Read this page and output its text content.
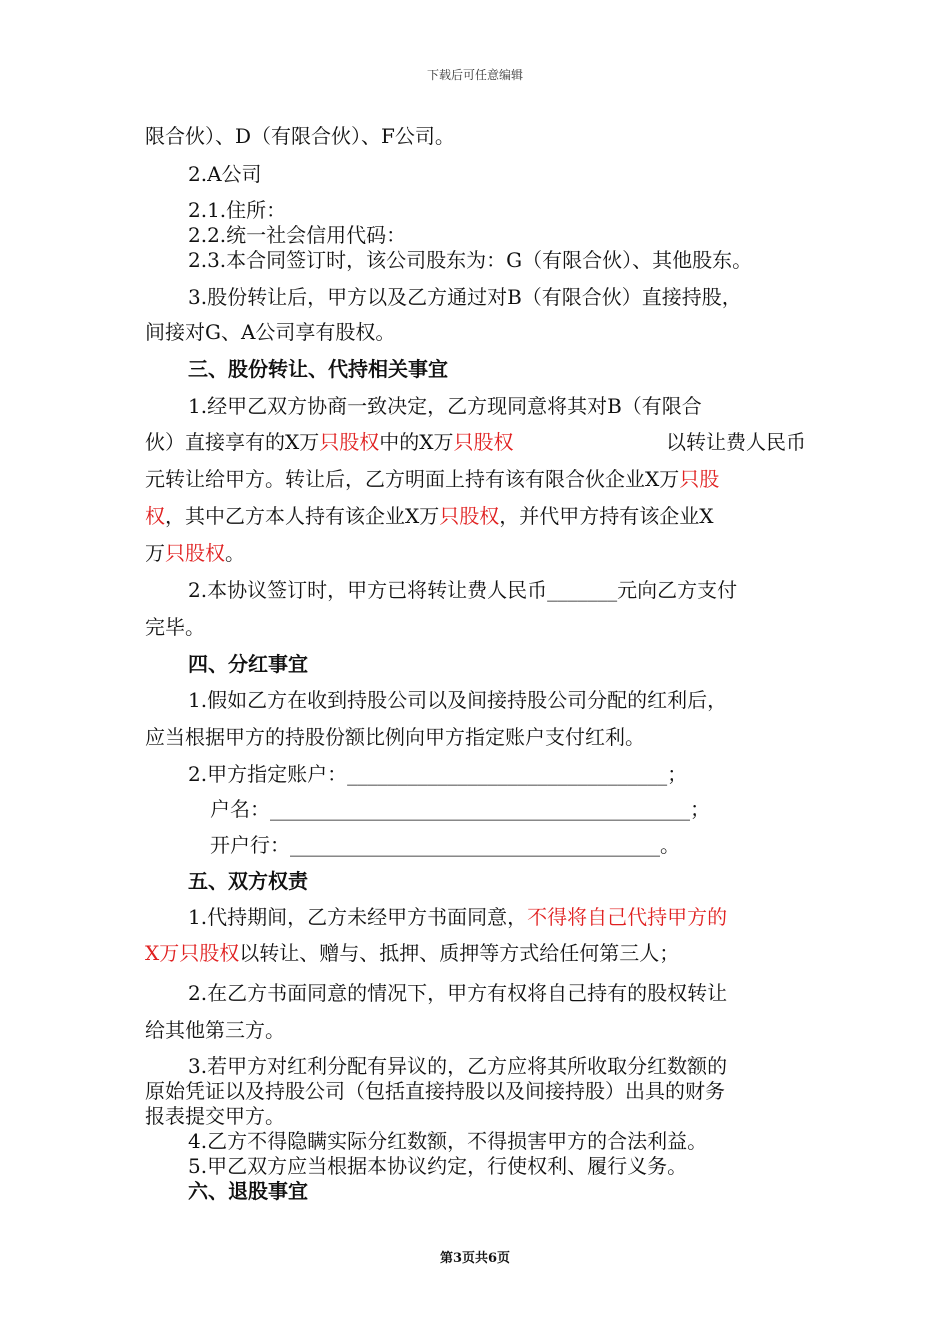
下载后可任意编辑
限合伙）、D（有限合伙）、F公司。
2.A公司
2.1.住所：
2.2.统一社会信用代码：
2.3.本合同签订时，该公司股东为：G（有限合伙）、其他股东。
3.股份转让后，甲方以及乙方通过对B（有限合伙）直接持股，
间接对G、A公司享有股权。
三、股份转让、代持相关事宜
1.经甲乙双方协商一致决定，乙方现同意将其对B（有限合
伙）直接享有的X万只股权中的X万只股权	以转让费人民币
元转让给甲方。转让后，乙方明面上持有该有限合伙企业X万只股
权，其中乙方本人持有该企业X万只股权，并代甲方持有该企业X
万只股权。
2.本协议签订时，甲方已将转让费人民币_______元向乙方支付
完毕。
四、分红事宜
1.假如乙方在收到持股公司以及间接持股公司分配的红利后，
应当根据甲方的持股份额比例向甲方指定账户支付红利。
2.甲方指定账户：________________________________；
户名：__________________________________________；
开户行：_____________________________________。
五、双方权责
1.代持期间，乙方未经甲方书面同意，不得将自己代持甲方的
X万只股权以转让、赠与、抵押、质押等方式给任何第三人；
2.在乙方书面同意的情况下，甲方有权将自己持有的股权转让
给其他第三方。
3.若甲方对红利分配有异议的，乙方应将其所收取分红数额的
原始凭证以及持股公司（包括直接持股以及间接持股）出具的财务
报表提交甲方。
4.乙方不得隐瞒实际分红数额，不得损害甲方的合法利益。
5.甲乙双方应当根据本协议约定，行使权利、履行义务。
六、退股事宜
第3页共6页
